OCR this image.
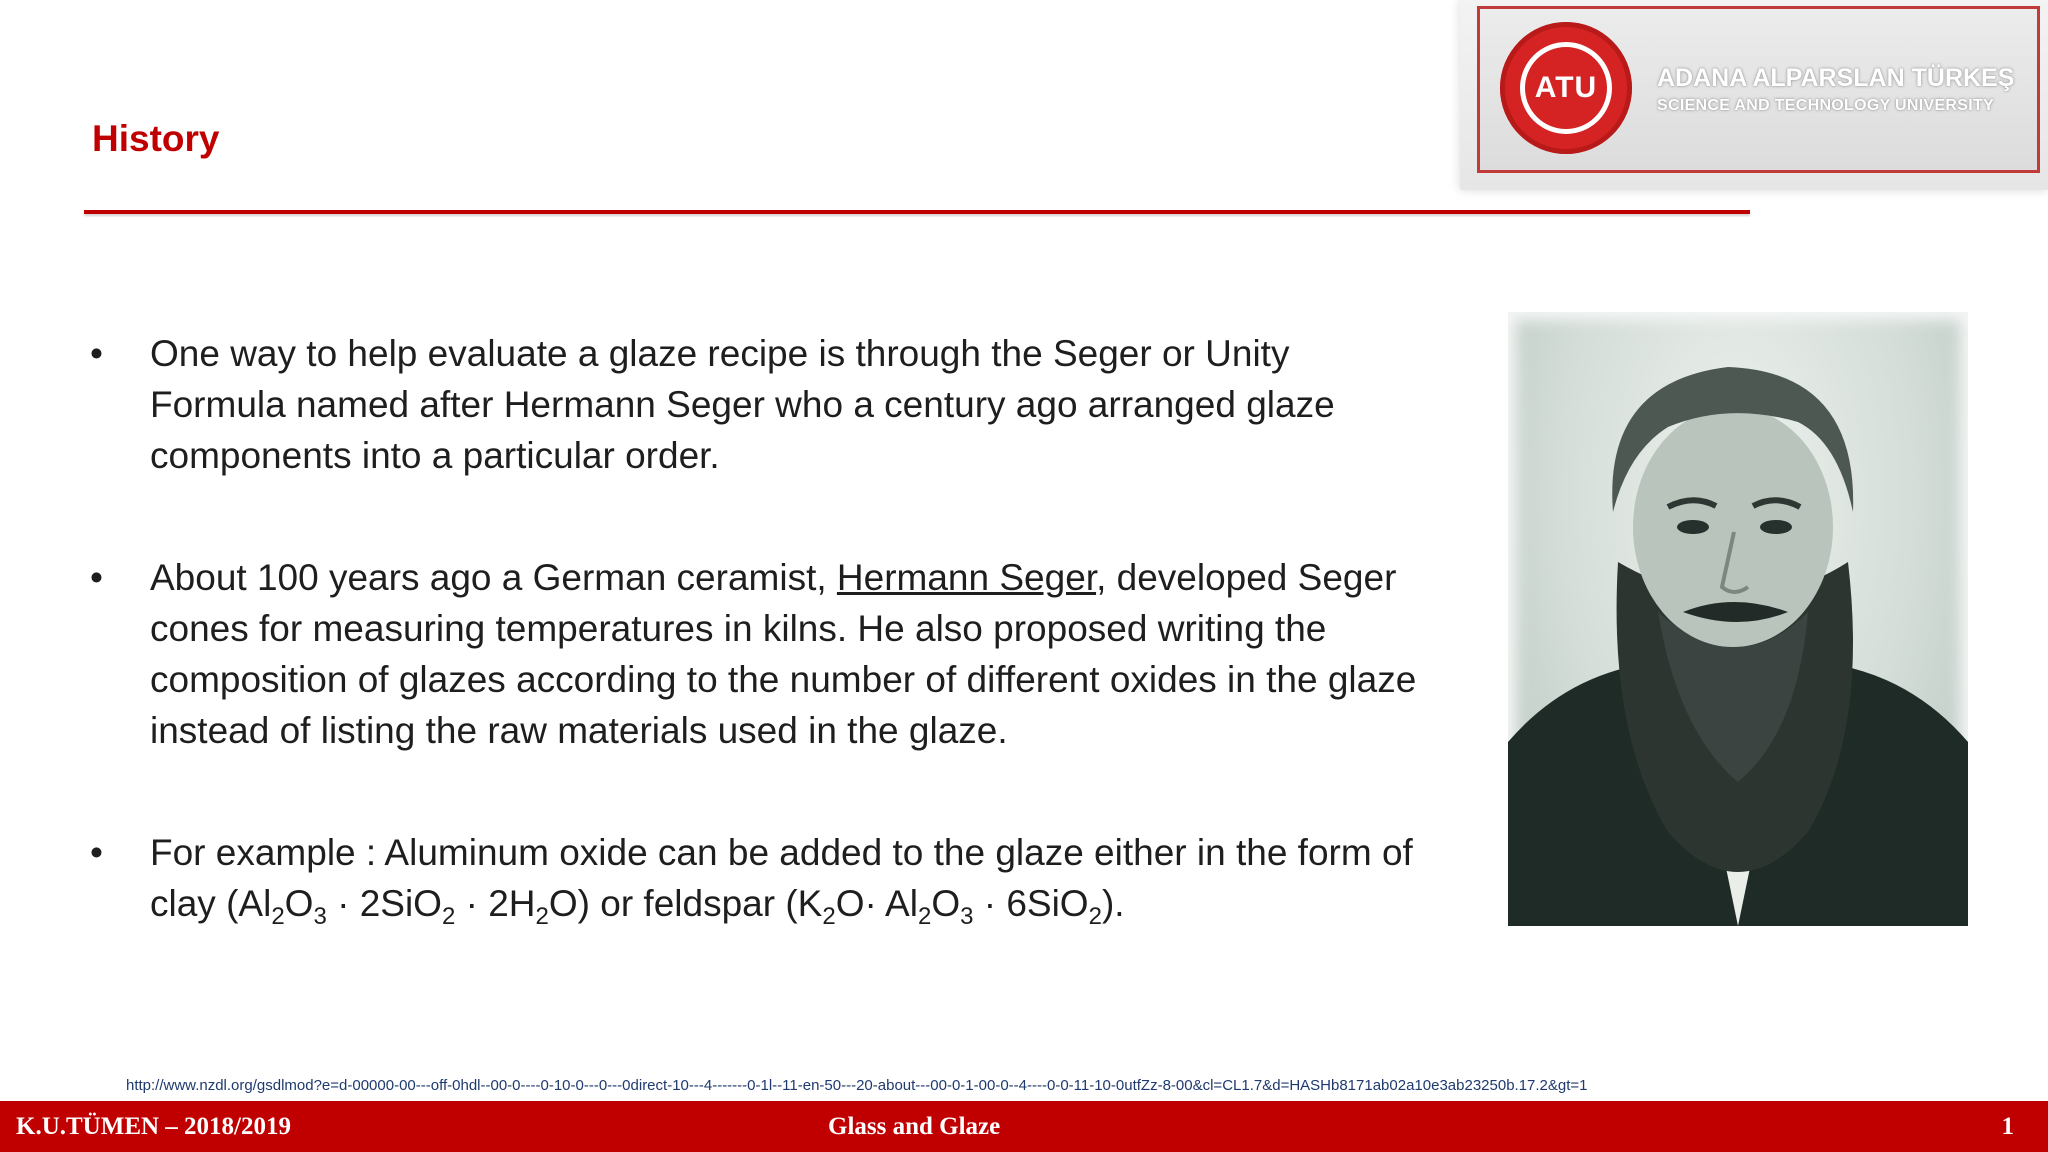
History
ATU ADANA ALPARSLAN TÜRKEŞ
SCIENCE AND TECHNOLOGY UNIVERSITY
• One way to help evaluate a glaze recipe is through the Seger or Unity Formula named after Hermann Seger who a century ago arranged glaze components into a particular order.
• About 100 years ago a German ceramist, Hermann Seger, developed Seger cones for measuring temperatures in kilns. He also proposed writing the composition of glazes according to the number of different oxides in the glaze instead of listing the raw materials used in the glaze.
• For example : Aluminum oxide can be added to the glaze either in the form of clay $(Al_2O_3 \cdot 2SiO_2 \cdot 2H_2O)$ or feldspar $(K_2O\cdot Al_2O_3 \cdot 6SiO_2)$.
http://www.nzdl.org/gsdlmod?e=d-00000-00---off-0hdl--00-0----0-10-0---0---0direct-10---4-------0-1l--11-en-50---20-about---00-0-1-00-0--4----0-0-11-10-0utfZz-8-00&cl=CL1.7&d=HASHb8171ab02a10e3ab23250b.17.2&gt=1
K.U.TÜMEN – 2018/2019	Glass and Glaze	1
